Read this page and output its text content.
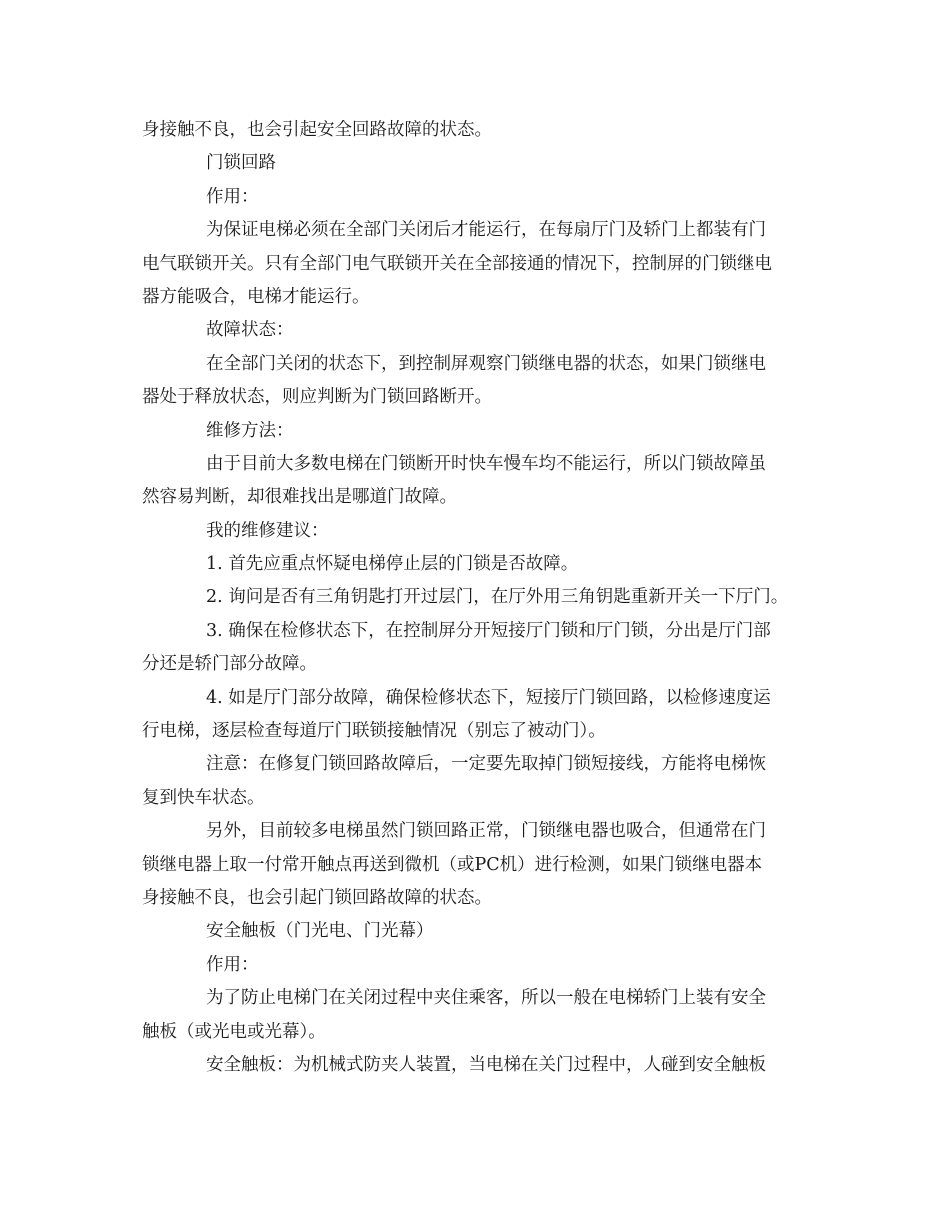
身接触不良，也会引起安全回路故障的状态。
门锁回路
作用：
为保证电梯必须在全部门关闭后才能运行，在每扇厅门及轿门上都装有门
电气联锁开关。只有全部门电气联锁开关在全部接通的情况下，控制屏的门锁继电
器方能吸合，电梯才能运行。
故障状态：
在全部门关闭的状态下，到控制屏观察门锁继电器的状态，如果门锁继电
器处于释放状态，则应判断为门锁回路断开。
维修方法：
由于目前大多数电梯在门锁断开时快车慢车均不能运行，所以门锁故障虽
然容易判断，却很难找出是哪道门故障。
我的维修建议：
1. 首先应重点怀疑电梯停止层的门锁是否故障。
2. 询问是否有三角钥匙打开过层门，在厅外用三角钥匙重新开关一下厅门。
3. 确保在检修状态下，在控制屏分开短接厅门锁和厅门锁，分出是厅门部
分还是轿门部分故障。
4. 如是厅门部分故障，确保检修状态下，短接厅门锁回路，以检修速度运
行电梯，逐层检查每道厅门联锁接触情况（别忘了被动门）。
注意：在修复门锁回路故障后，一定要先取掉门锁短接线，方能将电梯恢
复到快车状态。
另外，目前较多电梯虽然门锁回路正常，门锁继电器也吸合，但通常在门
锁继电器上取一付常开触点再送到微机（或PC机）进行检测，如果门锁继电器本
身接触不良，也会引起门锁回路故障的状态。
安全触板（门光电、门光幕）
作用：
为了防止电梯门在关闭过程中夹住乘客，所以一般在电梯轿门上装有安全
触板（或光电或光幕）。
安全触板：为机械式防夹人装置，当电梯在关门过程中，人碰到安全触板
